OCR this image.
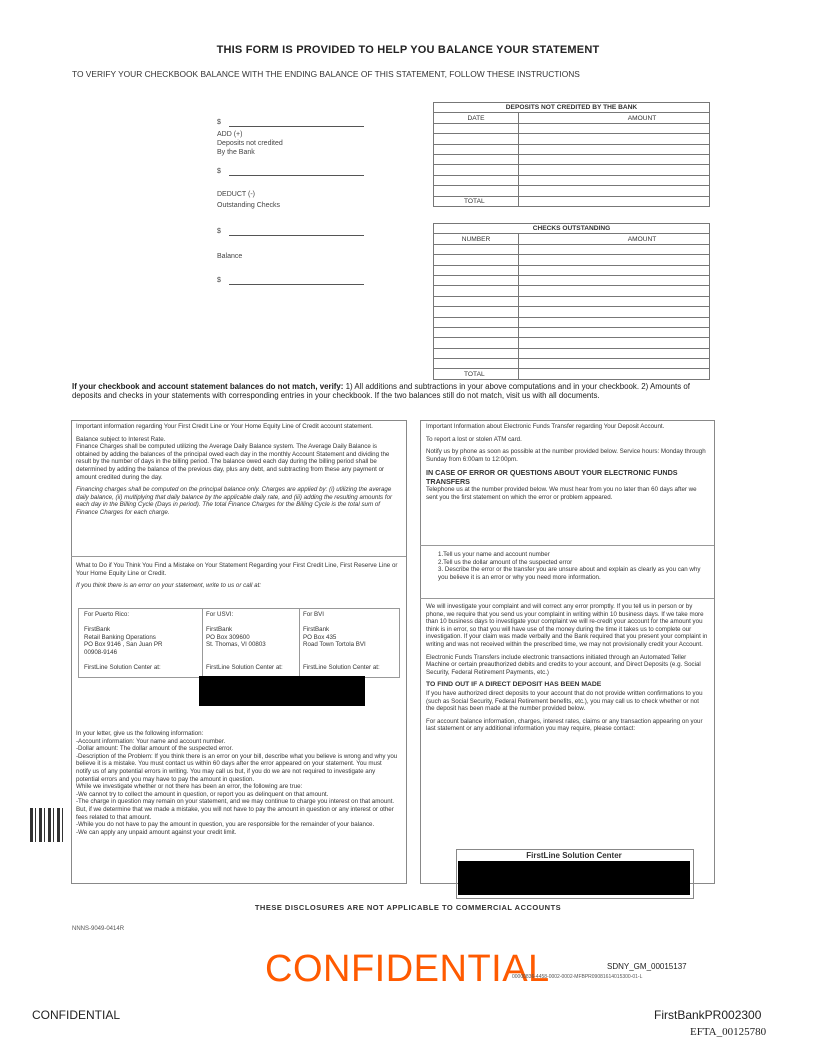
THIS FORM IS PROVIDED TO HELP YOU BALANCE YOUR STATEMENT
TO VERIFY YOUR CHECKBOOK BALANCE WITH THE ENDING BALANCE OF THIS STATEMENT, FOLLOW THESE INSTRUCTIONS
$
ADD (+)
Deposits not credited
By the Bank
$
DEDUCT (-)
Outstanding Checks
$
Balance
$
DEPOSITS NOT CREDITED BY THE BANK	
DATE	AMOUNT

TOTAL	
CHECKS OUTSTANDING	
NUMBER	AMOUNT

TOTAL	
If your checkbook and account statement balances do not match, verify: 1) All additions and subtractions in your above computations and in your checkbook. 2) Amounts of deposits and checks in your statements with corresponding entries in your checkbook. If the two balances still do not match, visit us with all documents.

Important information regarding Your First Credit Line or Your Home Equity Line of Credit account statement.

Balance subject to Interest Rate.

Finance Charges shall be computed utilizing the Average Daily Balance system. The Average Daily Balance is obtained by adding the balances of the principal owed each day in the monthly Account Statement and dividing the result by the number of days in the billing period. The balance owed each day during the billing period shall be determined by adding the balance of the previous day, plus any debt, and subtracting from these any payment or amount credited during the day.

Financing charges shall be computed on the principal balance only. Charges are applied by: (i) utilizing the average daily balance, (ii) multiplying that daily balance by the applicable daily rate, and (iii) adding the resulting amounts for each day in the Billing Cycle (Days in period). The total Finance Charges for the Billing Cycle is the total sum of Finance Charges for each charge.

What to Do if You Think You Find a Mistake on Your Statement Regarding your First Credit Line, First Reserve Line or Your Home Equity Line or Credit.

If you think there is an error on your statement, write to us or call at:

For Puerto Rico:

FirstBank
Retail Banking Operations
PO Box 9146 , San Juan PR
00908-9146

FirstLine Solution Center at:
For USVI:

FirstBank
PO Box 309600
St. Thomas, VI 00803

FirstLine Solution Center at:
For BVI

FirstBank
PO Box 435
Road Town Tortola BVI

FirstLine Solution Center at:
In your letter, give us the following information:
-Account information: Your name and account number.
-Dollar amount: The dollar amount of the suspected error.
-Description of the Problem: If you think there is an error on your bill, describe what you believe is wrong and why you believe it is a mistake. You must contact us within 60 days after the error appeared on your statement. You must notify us of any potential errors in writing. You may call us but, if you do we are not required to investigate any potential errors and you may have to pay the amount in question.
While we investigate whether or not there has been an error, the following are true:
-We cannot try to collect the amount in question, or report you as delinquent on that amount.
-The charge in question may remain on your statement, and we may continue to charge you interest on that amount. But, if we determine that we made a mistake, you will not have to pay the amount in question or any interest or other fees related to that amount.
-While you do not have to pay the amount in question, you are responsible for the remainder of your balance.
-We can apply any unpaid amount against your credit limit.

Important Information about Electronic Funds Transfer regarding Your Deposit Account.

To report a lost or stolen ATM card.

Notify us by phone as soon as possible at the number provided below. Service hours: Monday through Sunday from 6:00am to 12:00pm.

IN CASE OF ERROR OR QUESTIONS ABOUT YOUR ELECTRONIC FUNDS TRANSFERS

Telephone us at the number provided below. We must hear from you no later than 60 days after we sent you the first statement on which the error or problem appeared.

1.Tell us your name and account number
2.Tell us the dollar amount of the suspected error
3. Describe the error or the transfer you are unsure about and explain as clearly as you can why you believe it is an error or why you need more information.

We will investigate your complaint and will correct any error promptly. If you tell us in person or by phone, we require that you send us your complaint in writing within 10 business days. If we take more than 10 business days to investigate your complaint we will re-credit your account for the amount you think is in error, so that you will have use of the money during the time it takes us to complete our investigation. If your claim was made verbally and the Bank required that you present your complaint in writing and was not received within the prescribed time, we may not provisionally credit your Account.

Electronic Funds Transfers include electronic transactions initiated through an Automated Teller Machine or certain preauthorized debits and credits to your account, and Direct Deposits (e.g. Social Security, Federal Retirement Payments, etc.)

TO FIND OUT IF A DIRECT DEPOSIT HAS BEEN MADE

If you have authorized direct deposits to your account that do not provide written confirmations to you (such as Social Security, Federal Retirement benefits, etc.), you may call us to check whether or not the deposit has been made at the number provided below.

For account balance information, charges, interest rates, claims or any transaction appearing on your last statement or any additional information you may require, please contact:

FirstLine Solution Center
THESE DISCLOSURES ARE NOT APPLICABLE TO COMMERCIAL ACCOUNTS
NNNS-9049-0414R
CONFIDENTIAL	SDNY_GM_00015137
00000836-4458-0002-0002-MFBPR09081614015300-01-L
CONFIDENTIAL	FirstBankPR002300
EFTA_00125780
